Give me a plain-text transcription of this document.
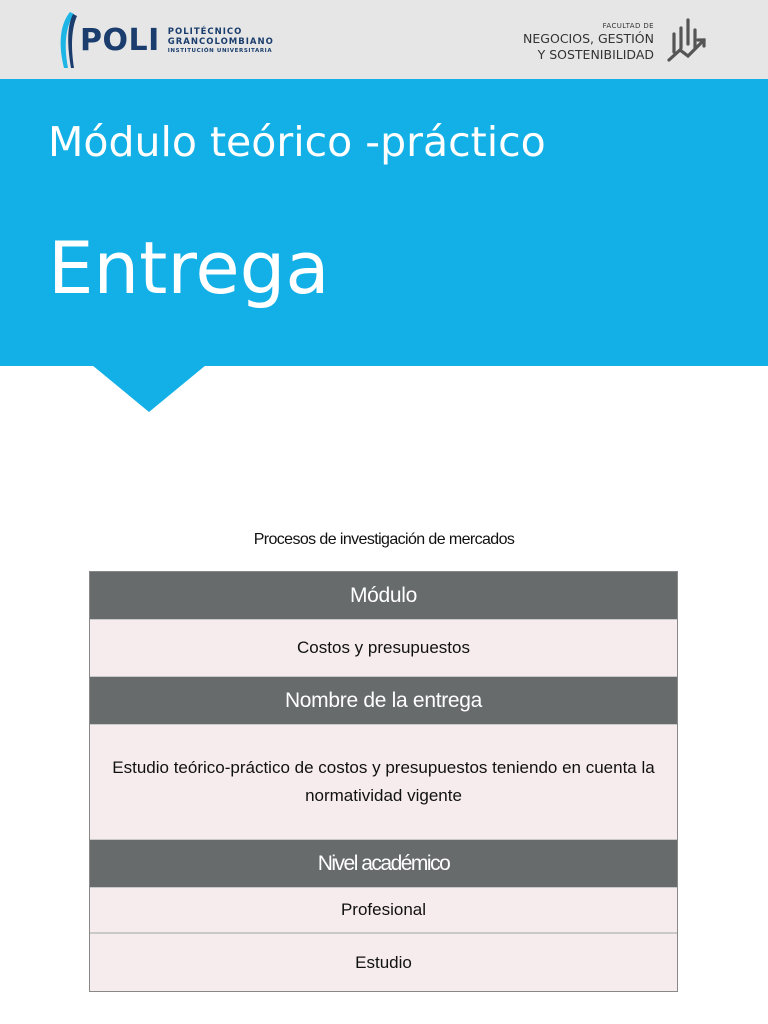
POLI POLITÉCNICO
GRANCOLOMBIANO
INSTITUCIÓN UNIVERSITARIA
FACULTAD DE
NEGOCIOS, GESTIÓN
Y SOSTENIBILIDAD
Módulo teórico -práctico
Entrega
Procesos de investigación de mercados
Módulo
Costos y presupuestos
Nombre de la entrega
Estudio teórico-práctico de costos y presupuestos teniendo en cuenta la normatividad vigente
Nivel académico
Profesional
Estudio
